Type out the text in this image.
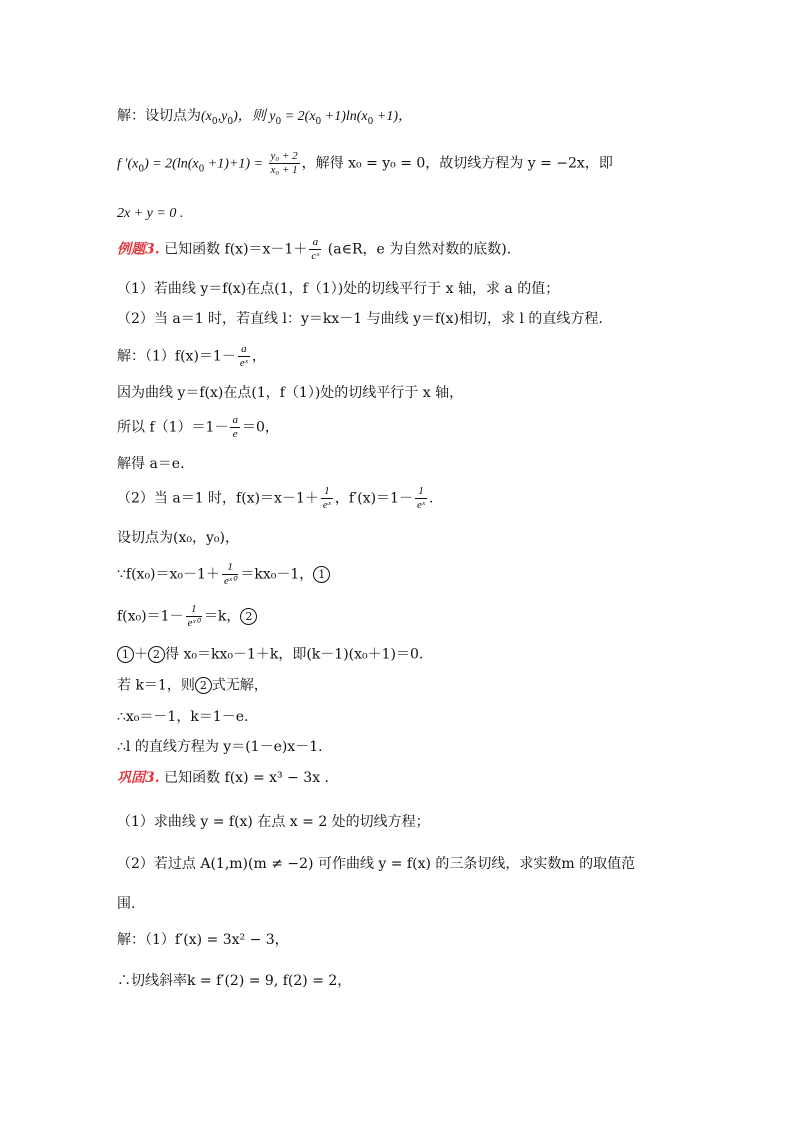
解：设切点为$(x_0,y_0)$，则 $y_0 = 2(x_0 +1)\ln(x_0 +1)$，
f $'(x_0) = 2(\ln(x_0 +1)+1) = \frac{\text{y₀ + 2}}{\text{x₀ + 1}}$ ，解得 x₀ = y₀ = 0，故切线方程为 y = −2x，即
2x + y = 0 .
例题3. 已知函数 $f(x)=x-1+ \frac{a}{\text{cˣ}}$ (a∈R，e 为自然对数的底数).
（1）若曲线 y＝f(x)在点(1，f（1）)处的切线平行于 x 轴，求 a 的值；
（2）当 a＝1 时，若直线 l：y＝kx－1 与曲线 y＝f(x)相切，求 l 的直线方程.
解：$(1)f(x)=1- \frac{a}{\text{eˣ}}$ ，
因为曲线 y＝f(x)在点(1，f（1）)处的切线平行于 x 轴，
所以 $f(1)=1- \frac{a}{e} =0$，
解得 a＝e.
（2）当 a＝1 时，$f(x)=x-1+ \frac{1}{\text{eˣ}}$ ，$f'(x)=1- \frac{1}{\text{eˣ}}$ .
设切点为(x₀，y₀)，
∵f(x₀)＝x₀－1＋ $\frac{1}{\text{eˣ⁰}} =kx_0-1$， 1
$f(x_0)=1- \frac{1}{\text{eˣ⁰}} =k$， 2
1 ＋ 2 得 x₀＝kx₀－1＋k，即(k－1)(x₀＋1)＝0.
若 k＝1，则 2 式无解，
∴x₀＝－1，k＝1－e.
∴l 的直线方程为 y＝(1－e)x－1.
巩固3. 已知函数 f(x) = x³ − 3x .
（1）求曲线 y = f(x) 在点 x = 2 处的切线方程；
（2）若过点 A(1,m)(m ≠ −2) 可作曲线 y = f(x) 的三条切线，求实数m 的取值范
围.
解：（1）f′(x) = 3x² − 3，
∴切线斜率k = f′(2) = 9, f(2) = 2，
